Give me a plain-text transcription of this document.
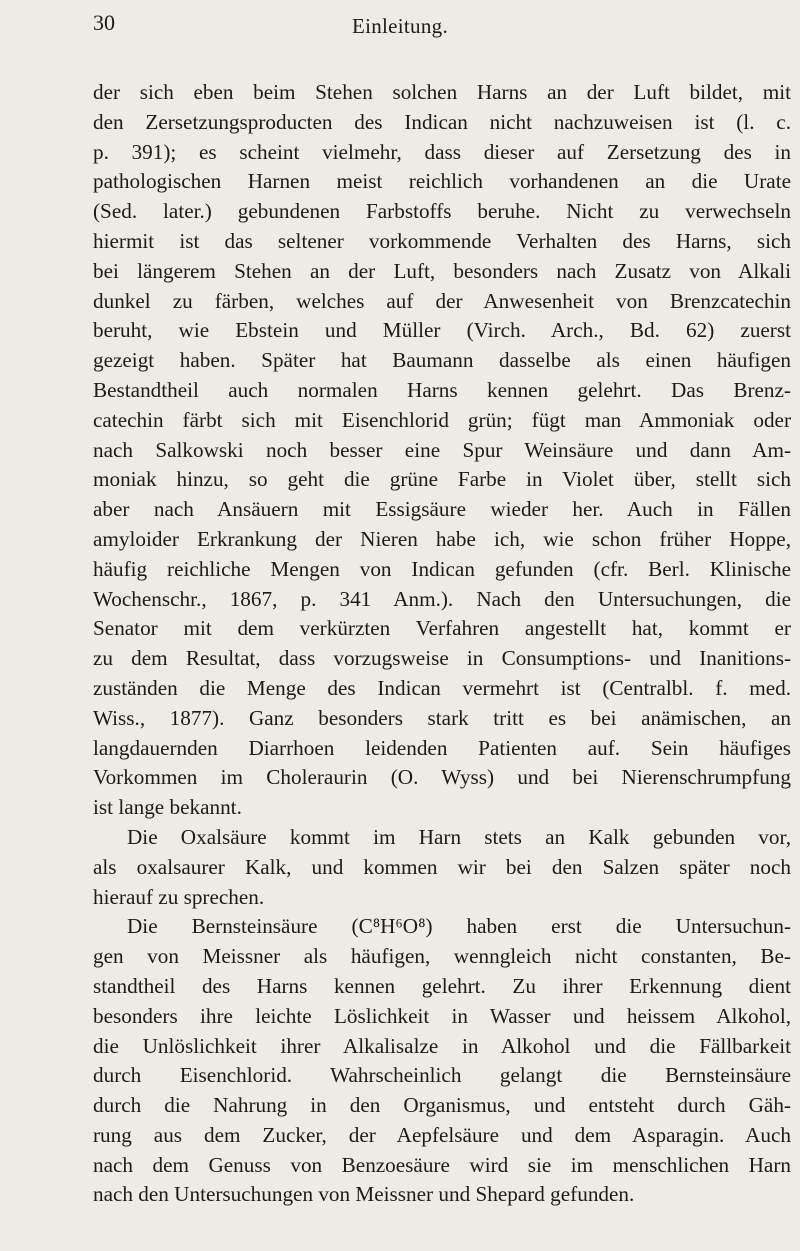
30	Einleitung.
der sich eben beim Stehen solchen Harns an der Luft bildet, mit
den Zersetzungsproducten des Indican nicht nachzuweisen ist (l. c.
p. 391); es scheint vielmehr, dass dieser auf Zersetzung des in
pathologischen Harnen meist reichlich vorhandenen an die Urate
(Sed. later.) gebundenen Farbstoffs beruhe. Nicht zu verwechseln
hiermit ist das seltener vorkommende Verhalten des Harns, sich
bei längerem Stehen an der Luft, besonders nach Zusatz von Alkali
dunkel zu färben, welches auf der Anwesenheit von Brenzcatechin
beruht, wie Ebstein und Müller (Virch. Arch., Bd. 62) zuerst
gezeigt haben. Später hat Baumann dasselbe als einen häufigen
Bestandtheil auch normalen Harns kennen gelehrt. Das Brenz-
catechin färbt sich mit Eisenchlorid grün; fügt man Ammoniak oder
nach Salkowski noch besser eine Spur Weinsäure und dann Am-
moniak hinzu, so geht die grüne Farbe in Violet über, stellt sich
aber nach Ansäuern mit Essigsäure wieder her. Auch in Fällen
amyloider Erkrankung der Nieren habe ich, wie schon früher Hoppe,
häufig reichliche Mengen von Indican gefunden (cfr. Berl. Klinische
Wochenschr., 1867, p. 341 Anm.). Nach den Untersuchungen, die
Senator mit dem verkürzten Verfahren angestellt hat, kommt er
zu dem Resultat, dass vorzugsweise in Consumptions- und Inanitions-
zuständen die Menge des Indican vermehrt ist (Centralbl. f. med.
Wiss., 1877). Ganz besonders stark tritt es bei anämischen, an
langdauernden Diarrhoen leidenden Patienten auf. Sein häufiges
Vorkommen im Choleraurin (O. Wyss) und bei Nierenschrumpfung
ist lange bekannt.
Die Oxalsäure kommt im Harn stets an Kalk gebunden vor,
als oxalsaurer Kalk, und kommen wir bei den Salzen später noch
hierauf zu sprechen.
Die Bernsteinsäure (C⁸H⁶O⁸) haben erst die Untersuchun-
gen von Meissner als häufigen, wenngleich nicht constanten, Be-
standtheil des Harns kennen gelehrt. Zu ihrer Erkennung dient
besonders ihre leichte Löslichkeit in Wasser und heissem Alkohol,
die Unlöslichkeit ihrer Alkalisalze in Alkohol und die Fällbarkeit
durch Eisenchlorid. Wahrscheinlich gelangt die Bernsteinsäure
durch die Nahrung in den Organismus, und entsteht durch Gäh-
rung aus dem Zucker, der Aepfelsäure und dem Asparagin. Auch
nach dem Genuss von Benzoesäure wird sie im menschlichen Harn
nach den Untersuchungen von Meissner und Shepard gefunden.
